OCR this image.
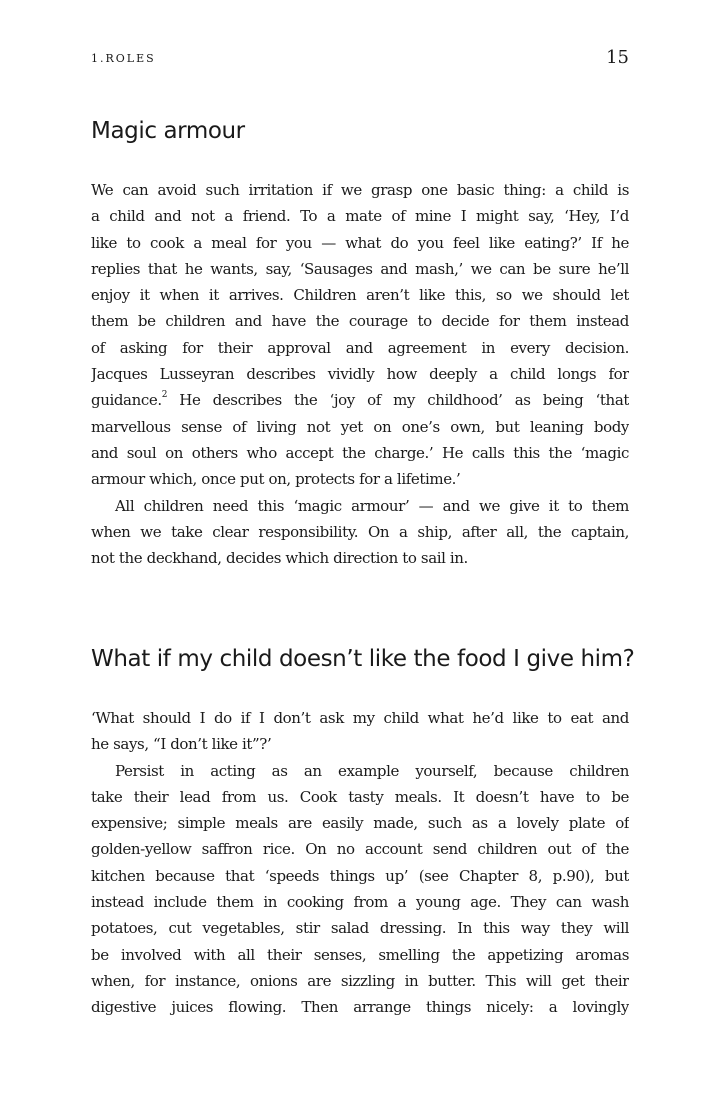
1.ROLES	15
Magic armour
We can avoid such irritation if we grasp one basic thing: a child is
a child and not a friend. To a mate of mine I might say, ‘Hey, I’d
like to cook a meal for you — what do you feel like eating?’ If he
replies that he wants, say, ‘Sausages and mash,’ we can be sure he’ll
enjoy it when it arrives. Children aren’t like this, so we should let
them be children and have the courage to decide for them instead
of asking for their approval and agreement in every decision.
Jacques Lusseyran describes vividly how deeply a child longs for
guidance.$^2$ He describes the ‘joy of my childhood’ as being ‘that
marvellous sense of living not yet on one’s own, but leaning body
and soul on others who accept the charge.’ He calls this the ‘magic
armour which, once put on, protects for a lifetime.’
All children need this ‘magic armour’ — and we give it to them
when we take clear responsibility. On a ship, after all, the captain,
not the deckhand, decides which direction to sail in.
What if my child doesn’t like the food I give him?
‘What should I do if I don’t ask my child what he’d like to eat and
he says, “I don’t like it”?’
Persist in acting as an example yourself, because children
take their lead from us. Cook tasty meals. It doesn’t have to be
expensive; simple meals are easily made, such as a lovely plate of
golden-yellow saffron rice. On no account send children out of the
kitchen because that ‘speeds things up’ (see Chapter 8, p.90), but
instead include them in cooking from a young age. They can wash
potatoes, cut vegetables, stir salad dressing. In this way they will
be involved with all their senses, smelling the appetizing aromas
when, for instance, onions are sizzling in butter. This will get their
digestive juices flowing. Then arrange things nicely: a lovingly
